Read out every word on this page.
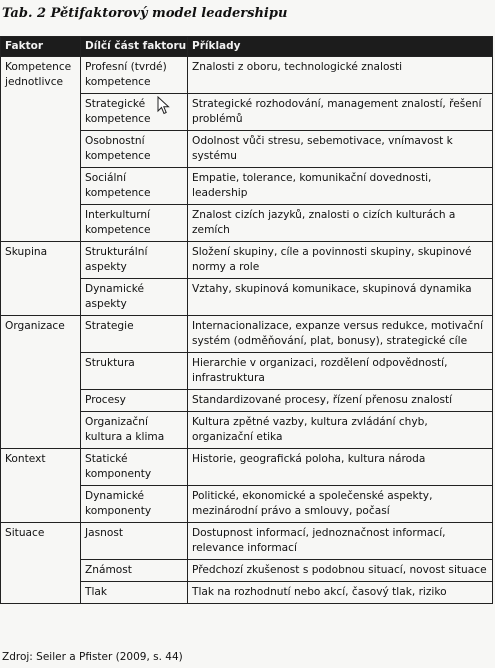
Tab. 2 Pětifaktorový model leadershipu
Faktor	Dílčí část faktoru	Příklady
Kompetence jednotlivce	Profesní (tvrdé) kompetence	Znalosti z oboru, technologické znalosti
	Strategické kompetence	Strategické rozhodování, management znalostí, řešení problémů
	Osobnostní kompetence	Odolnost vůči stresu, sebemotivace, vnímavost k systému
	Sociální kompetence	Empatie, tolerance, komunikační dovednosti, leadership
	Interkulturní kompetence	Znalost cizích jazyků, znalosti o cizích kulturách a zemích
Skupina	Strukturální aspekty	Složení skupiny, cíle a povinnosti skupiny, skupinové normy a role
	Dynamické aspekty	Vztahy, skupinová komunikace, skupinová dynamika
Organizace	Strategie	Internacionalizace, expanze versus redukce, motivační systém (odměňování, plat, bonusy), strategické cíle
	Struktura	Hierarchie v organizaci, rozdělení odpovědností, infrastruktura
	Procesy	Standardizované procesy, řízení přenosu znalostí
	Organizační kultura a klima	Kultura zpětné vazby, kultura zvládání chyb, organizační etika
Kontext	Statické komponenty	Historie, geografická poloha, kultura národa
	Dynamické komponenty	Politické, ekonomické a společenské aspekty, mezinárodní právo a smlouvy, počasí
Situace	Jasnost	Dostupnost informací, jednoznačnost informací, relevance informací
	Známost	Předchozí zkušenost s podobnou situací, novost situace
	Tlak	Tlak na rozhodnutí nebo akcí, časový tlak, riziko
Zdroj: Seiler a Pfister (2009, s. 44)
